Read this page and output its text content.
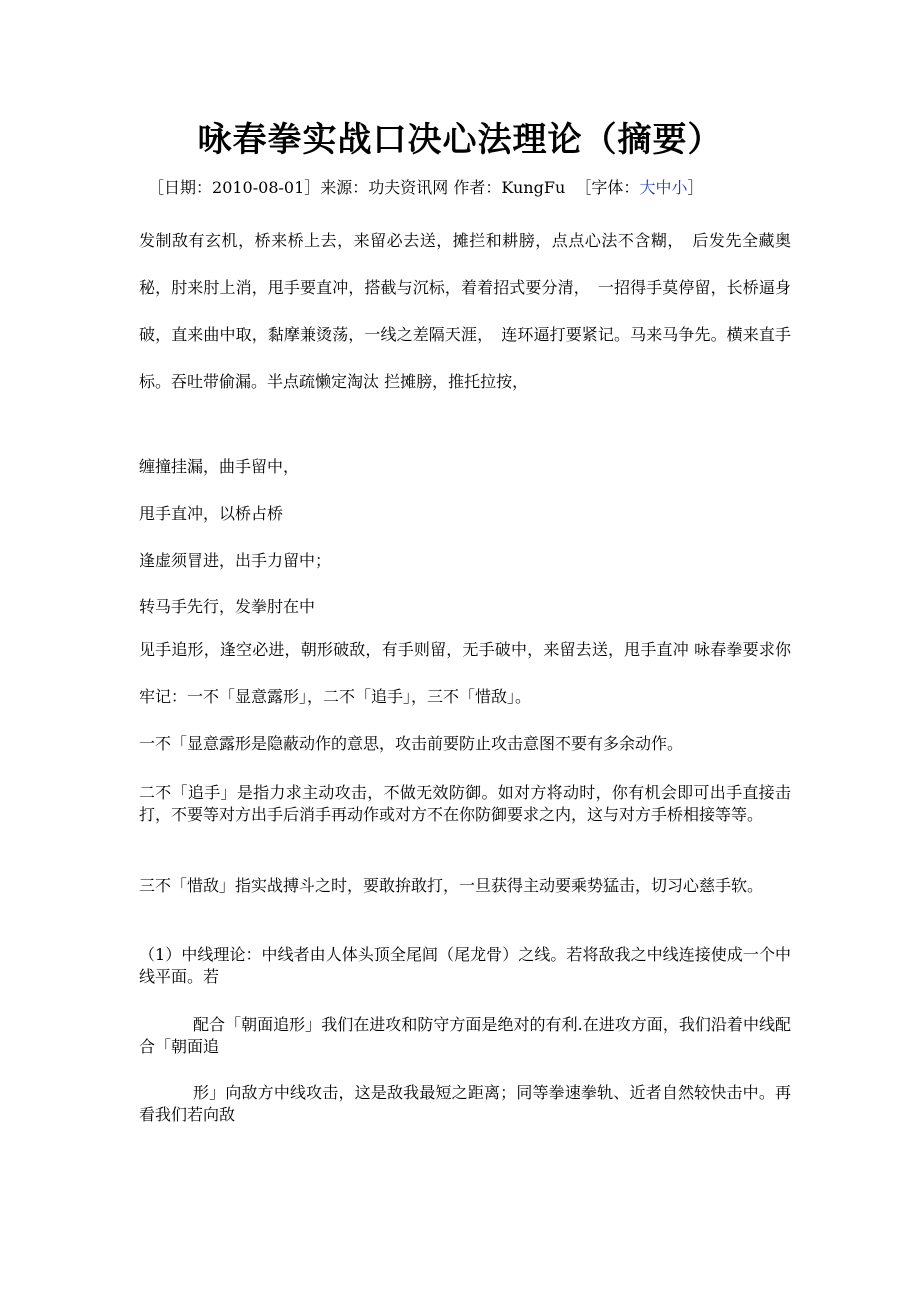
咏春拳实战口决心法理论（摘要）
［日期：2010-08-01］来源：功夫资讯网 作者：KungFu  ［字体：大中小］

发制敌有玄机，桥来桥上去，来留必去送，摊拦和耕膀，点点心法不含糊，　后发先全藏奥秘，肘来肘上消，甩手要直冲，搭截与沉标，着着招式要分清，　一招得手莫停留，长桥逼身破，直来曲中取，黏摩兼烫荡，一线之差隔天涯，　连环逼打要紧记。马来马争先。横来直手标。吞吐带偷漏。半点疏懒定淘汰 拦摊膀，推托拉按，

缠撞挂漏，曲手留中，

甩手直冲，以桥占桥

逢虚须冒进，出手力留中；

转马手先行，发拳肘在中

见手追形，逢空必进，朝形破敌，有手则留，无手破中，来留去送，甩手直冲 咏春拳要求你牢记：一不「显意露形」，二不「追手」，三不「惜敌」。

一不「显意露形是隐蔽动作的意思，攻击前要防止攻击意图不要有多余动作。

二不「追手」是指力求主动攻击，不做无效防御。如对方将动时，你有机会即可出手直接击打，不要等对方出手后消手再动作或对方不在你防御要求之内，这与对方手桥相接等等。

三不「惜敌」指实战搏斗之时，要敢拚敢打，一旦获得主动要乘势猛击，切习心慈手软。

（1）中线理论：中线者由人体头顶全尾闾（尾龙骨）之线。若将敌我之中线连接使成一个中线平面。若

配合「朝面追形」我们在进攻和防守方面是绝对的有利.在进攻方面，我们沿着中线配合「朝面追

形」向敌方中线攻击，这是敌我最短之距离；同等拳速拳轨、近者自然较快击中。再看我们若向敌
